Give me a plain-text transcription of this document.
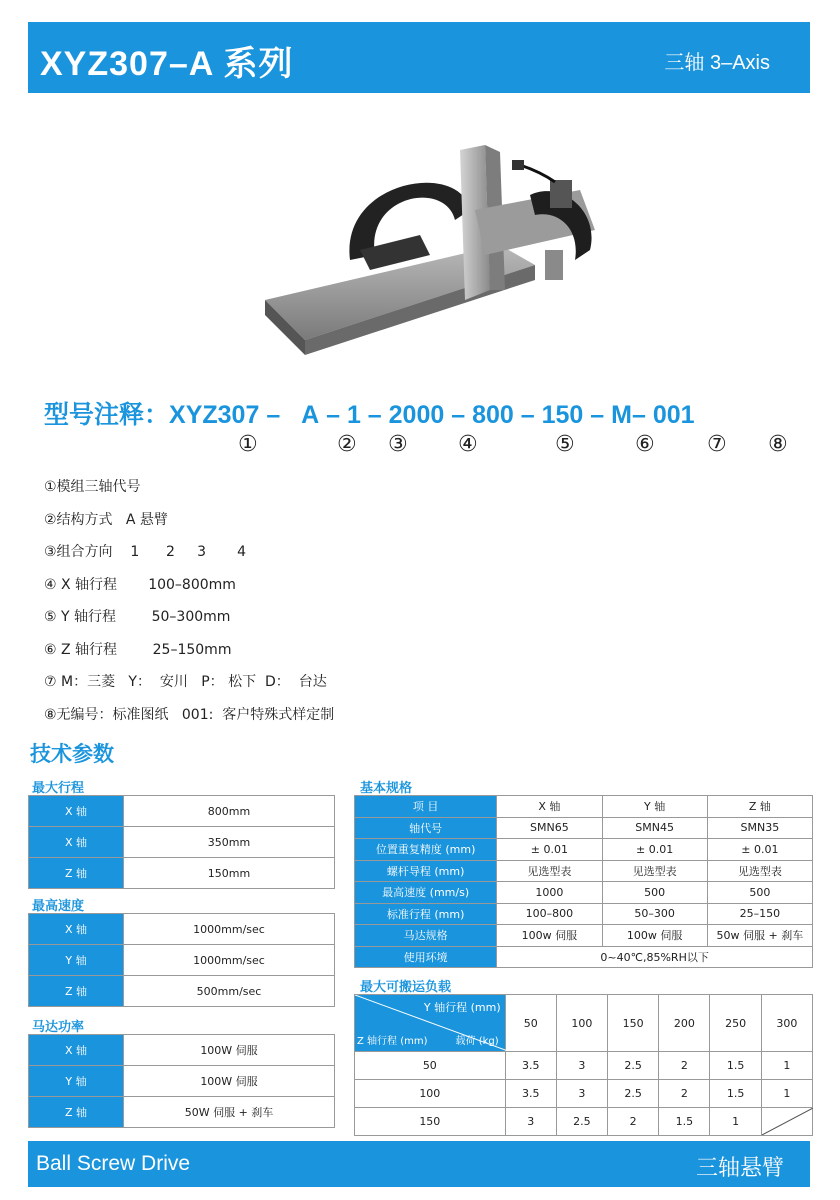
XYZ307–A 系列	三轴 3–Axis
型号注释：XYZ307 – A – 1 – 2000 – 800 – 150 – M– 001
①	② ③ ④	⑤	⑥ ⑦ ⑧
①模组三轴代号
②结构方式   A 悬臂
③组合方向    1      2     3       4
④ X 轴行程       100–800mm
⑤ Y 轴行程        50–300mm
⑥ Z 轴行程        25–150mm
⑦ M：三菱   Y：  安川   P： 松下  D：  台达
⑧无编号：标准图纸   001:  客户特殊式样定制
技术参数
最大行程
X 轴	800mm
X 轴	350mm
Z 轴	150mm
最高速度
X 轴	1000mm/sec
Y 轴	1000mm/sec
Z 轴	500mm/sec
马达功率
X 轴	100W 伺服
Y 轴	100W 伺服
Z 轴	50W 伺服 + 刹车
基本规格
项 目	X 轴	Y 轴	Z 轴
轴代号	SMN65	SMN45	SMN35
位置重复精度 (mm)	± 0.01	± 0.01	± 0.01
螺杆导程 (mm)	见选型表	见选型表	见选型表
最高速度 (mm/s)	1000	500	500
标准行程 (mm)	100–800	50–300	25–150
马达规格	100w 伺服	100w 伺服	50w 伺服 + 刹车
使用环境	0~40℃,85%RH以下		
最大可搬运负载
Y 轴行程 (mm)
Z 轴行程 (mm) 载荷 (kg)	50	100	150	200	250	300
50	3.5	3	2.5	2	1.5	1
100	3.5	3	2.5	2	1.5	1
150	3	2.5	2	1.5	1	
Ball Screw Drive	三轴悬臂
